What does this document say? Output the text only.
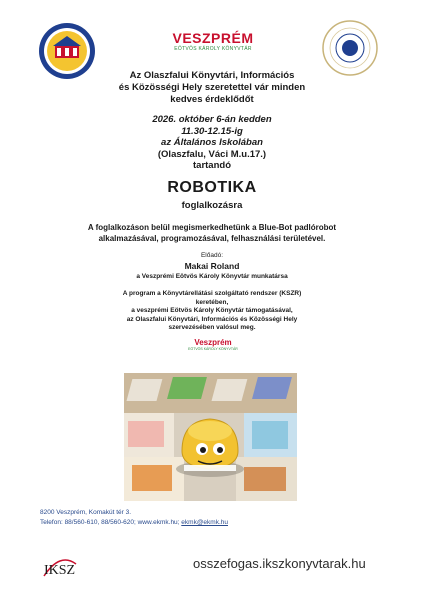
VESZPRÉM
EÖTVÖS KÁROLY KÖNYVTÁR
Az Olaszfalui Könyvtári, Információs
és Közösségi Hely szeretettel vár minden
kedves érdeklődőt
2026. október 6-án kedden
11.30-12.15-ig
az Általános Iskolában
(Olaszfalu, Váci M.u.17.)
tartandó
ROBOTIKA
foglalkozásra
A foglalkozáson belül megismerkedhetünk a Blue-Bot padlórobot
alkalmazásával, programozásával, felhasználási területével.
Előadó:
Makai Roland
a Veszprémi Eötvös Károly Könyvtár munkatársa
A program a Könyvtárellátási szolgáltató rendszer (KSZR)
keretében,
a veszprémi Eötvös Károly Könyvtár támogatásával,
az Olaszfalui Könyvtári, Információs és Közösségi Hely
szervezésében valósul meg.
Veszprém
EÖTVÖS KÁROLY KÖNYVTÁR
8200 Veszprém, Komakút tér 3.
Telefon: 88/560-610, 88/560-620; www.ekmk.hu; ekmk@ekmk.hu
IKSZ	osszefogas.ikszkonyvtarak.hu
